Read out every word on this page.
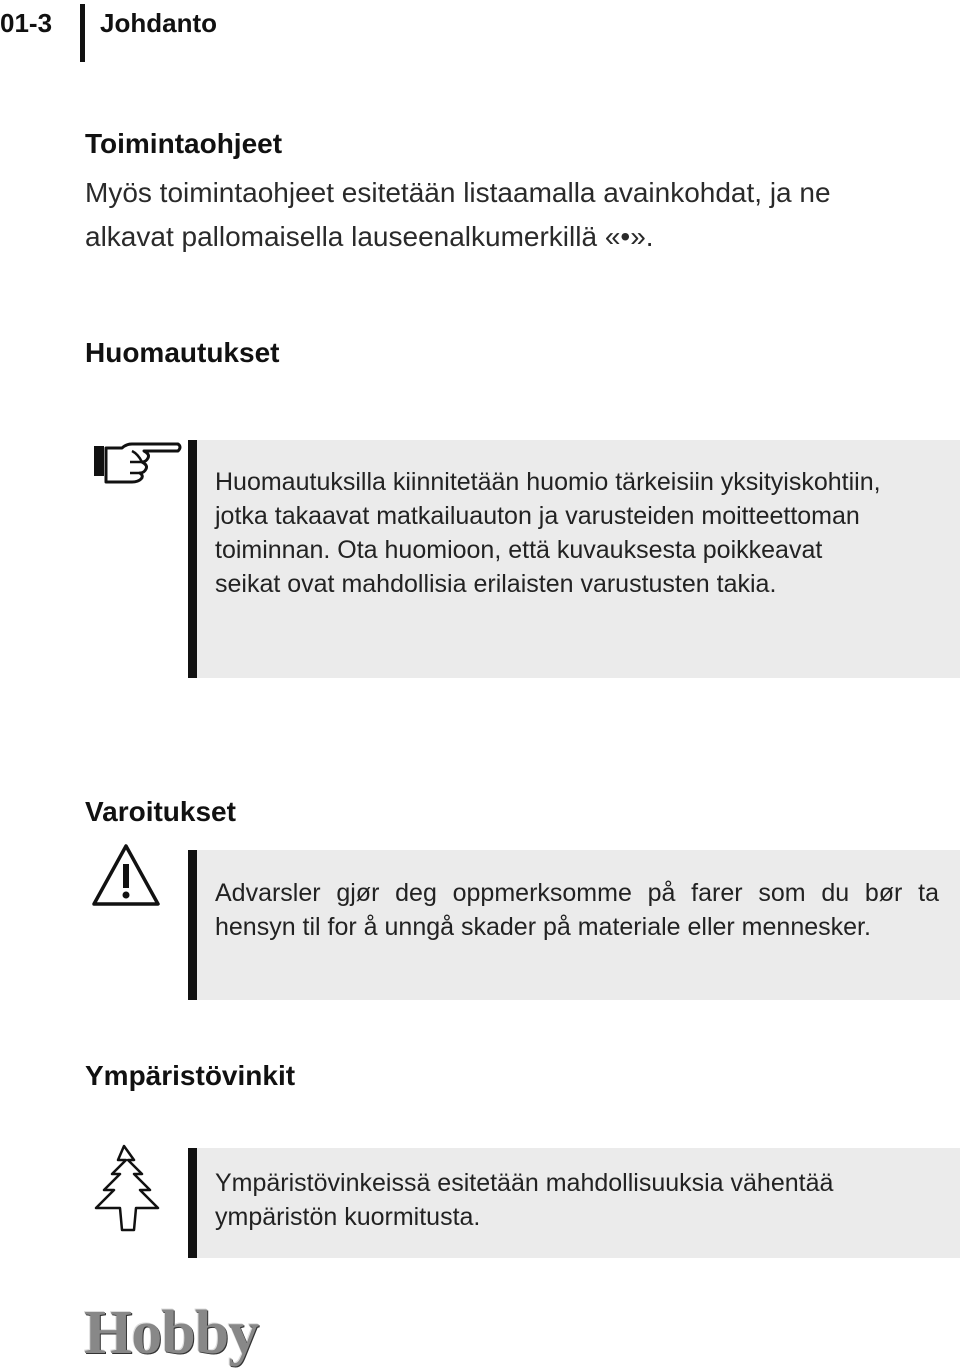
01-3 Johdanto
Toimintaohjeet
Myös toimintaohjeet esitetään listaamalla avainkohdat, ja ne
alkavat pallomaisella lauseenalkumerkillä «•».
Huomautukset
Huomautuksilla kiinnitetään huomio tärkeisiin yksityiskohtiin, jotka takaavat matkailuauton ja varusteiden moitteettoman toiminnan. Ota huomioon, että kuvauksesta poikkeavat seikat ovat mahdollisia erilaisten varustusten takia.
Varoitukset
Advarsler gjør deg oppmerksomme på farer som du bør ta hensyn til for å unngå skader på materiale eller mennesker.
Ympäristövinkit
Ympäristövinkeissä esitetään mahdollisuuksia vähentää ympäristön kuormitusta.
Hobby
